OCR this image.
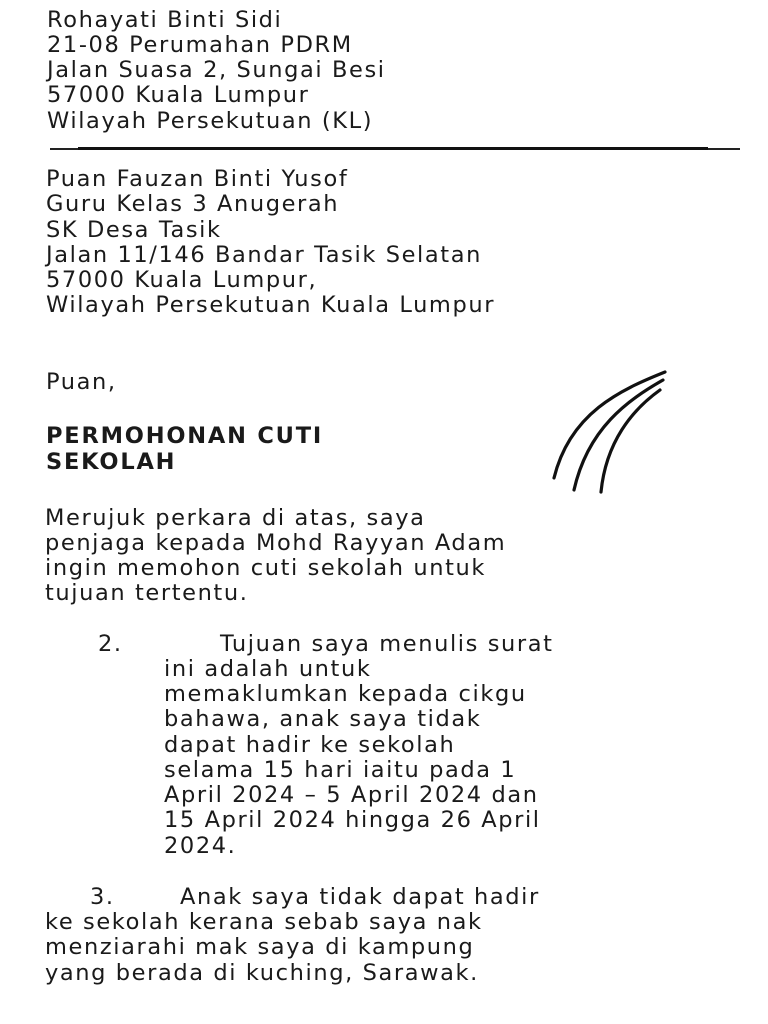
Rohayati Binti Sidi
21-08 Perumahan PDRM
Jalan Suasa 2, Sungai Besi
57000 Kuala Lumpur
Wilayah Persekutuan (KL)
Puan Fauzan Binti Yusof
Guru Kelas 3 Anugerah
SK Desa Tasik
Jalan 11/146 Bandar Tasik Selatan
57000 Kuala Lumpur,
Wilayah Persekutuan Kuala Lumpur
Puan,
PERMOHONAN CUTI
SEKOLAH
Merujuk perkara di atas, saya
penjaga kepada Mohd Rayyan Adam
ingin memohon cuti sekolah untuk
tujuan tertentu.
2.	Tujuan saya menulis surat
ini adalah untuk
memaklumkan kepada cikgu
bahawa, anak saya tidak
dapat hadir ke sekolah
selama 15 hari iaitu pada 1
April 2024 – 5 April 2024 dan
15 April 2024 hingga 26 April
2024.
3.	Anak saya tidak dapat hadir
ke sekolah kerana sebab saya nak
menziarahi mak saya di kampung
yang berada di kuching, Sarawak.
